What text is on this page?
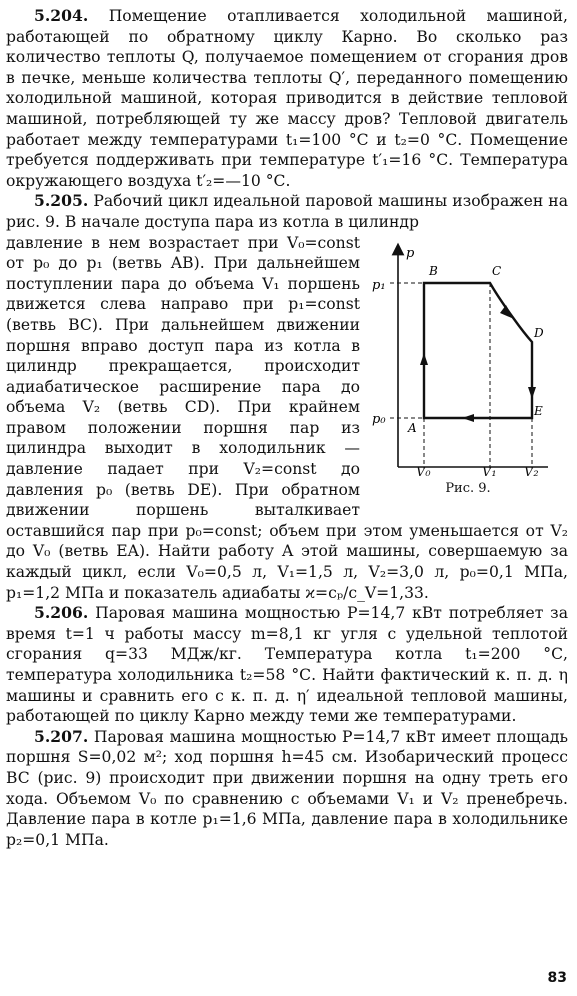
5.204. Помещение отапливается холодильной машиной, работающей по обратному циклу Карно. Во сколько раз количество теплоты Q, получаемое помещением от сгорания дров в печке, меньше количества теплоты Q′, переданного помещению холодильной машиной, которая приводится в действие тепловой машиной, потребляющей ту же массу дров? Тепловой двигатель работает между температурами t₁=100 °С и t₂=0 °С. Помещение требуется поддерживать при температуре t′₁=16 °С. Температура окружающего воздуха t′₂=—10 °С.

5.205. Рабочий цикл идеальной паровой машины изображен на рис. 9. В начале доступа пара из котла в цилиндр

p
p₁
p₀
B	C
D
E
A
V₀	V₁ V₂
Рис. 9.

давление в нем возрастает при V₀=const от p₀ до p₁ (ветвь AB). При дальнейшем поступлении пара до объема V₁ поршень движется слева направо при p₁=const (ветвь BC). При дальнейшем движении поршня вправо доступ пара из котла в цилиндр прекращается, происходит адиабатическое расширение пара до объема V₂ (ветвь CD). При крайнем правом положении поршня пар из цилиндра выходит в холодильник — давление падает при V₂=const до давления p₀ (ветвь DE). При обратном движении поршень выталкивает оставшийся пар при p₀=const; объем при этом уменьшается от V₂ до V₀ (ветвь EA). Найти работу A этой машины, совершаемую за каждый цикл, если V₀=0,5 л, V₁=1,5 л, V₂=3,0 л, p₀=0,1 МПа, p₁=1,2 МПа и показатель адиабаты ϰ=cₚ/c_V=1,33.

5.206. Паровая машина мощностью P=14,7 кВт потребляет за время t=1 ч работы массу m=8,1 кг угля с удельной теплотой сгорания q=33 МДж/кг. Температура котла t₁=200 °С, температура холодильника t₂=58 °С. Найти фактический к. п. д. η машины и сравнить его с к. п. д. η′ идеальной тепловой машины, работающей по циклу Карно между теми же температурами.

5.207. Паровая машина мощностью P=14,7 кВт имеет площадь поршня S=0,02 м²; ход поршня h=45 см. Изобарический процесс BC (рис. 9) происходит при движении поршня на одну треть его хода. Объемом V₀ по сравнению с объемами V₁ и V₂ пренебречь. Давление пара в котле p₁=1,6 МПа, давление пара в холодильнике p₂=0,1 МПа.

83
